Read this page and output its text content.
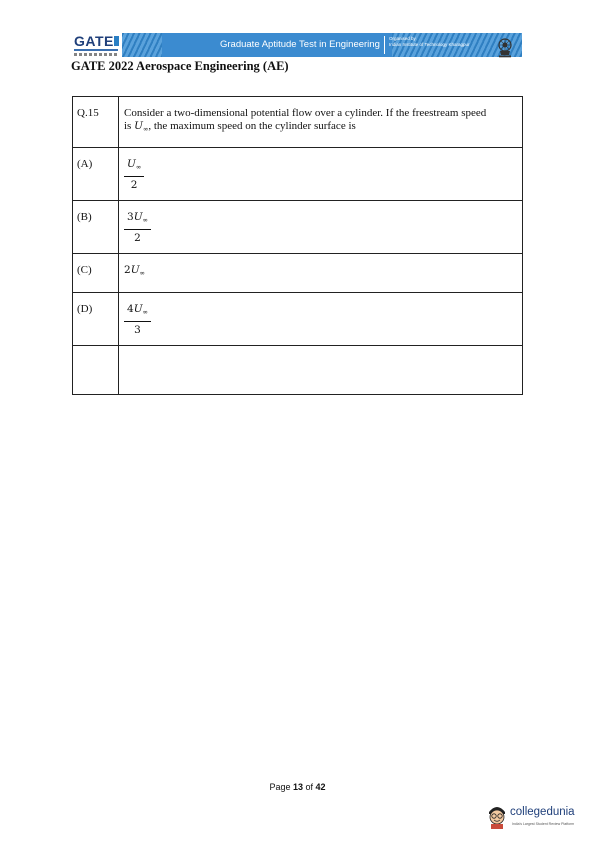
GATE	Graduate Aptitude Test in Engineering
Organised by
Indian Institute of Technology Kharagpur
GATE 2022 Aerospace Engineering (AE)
Q.15	Consider a two-dimensional potential flow over a cylinder. If the freestream speed
is $U_\infty$, the maximum speed on the cylinder surface is
(A)	$\frac{U_\infty}{2}$

(B)	$\frac{3U_\infty}{2}$

(C)	$2U_\infty$
(D)	$\frac{4U_\infty}{3}$

Page 13 of 42
collegedunia
India's Largest Student Review Platform
